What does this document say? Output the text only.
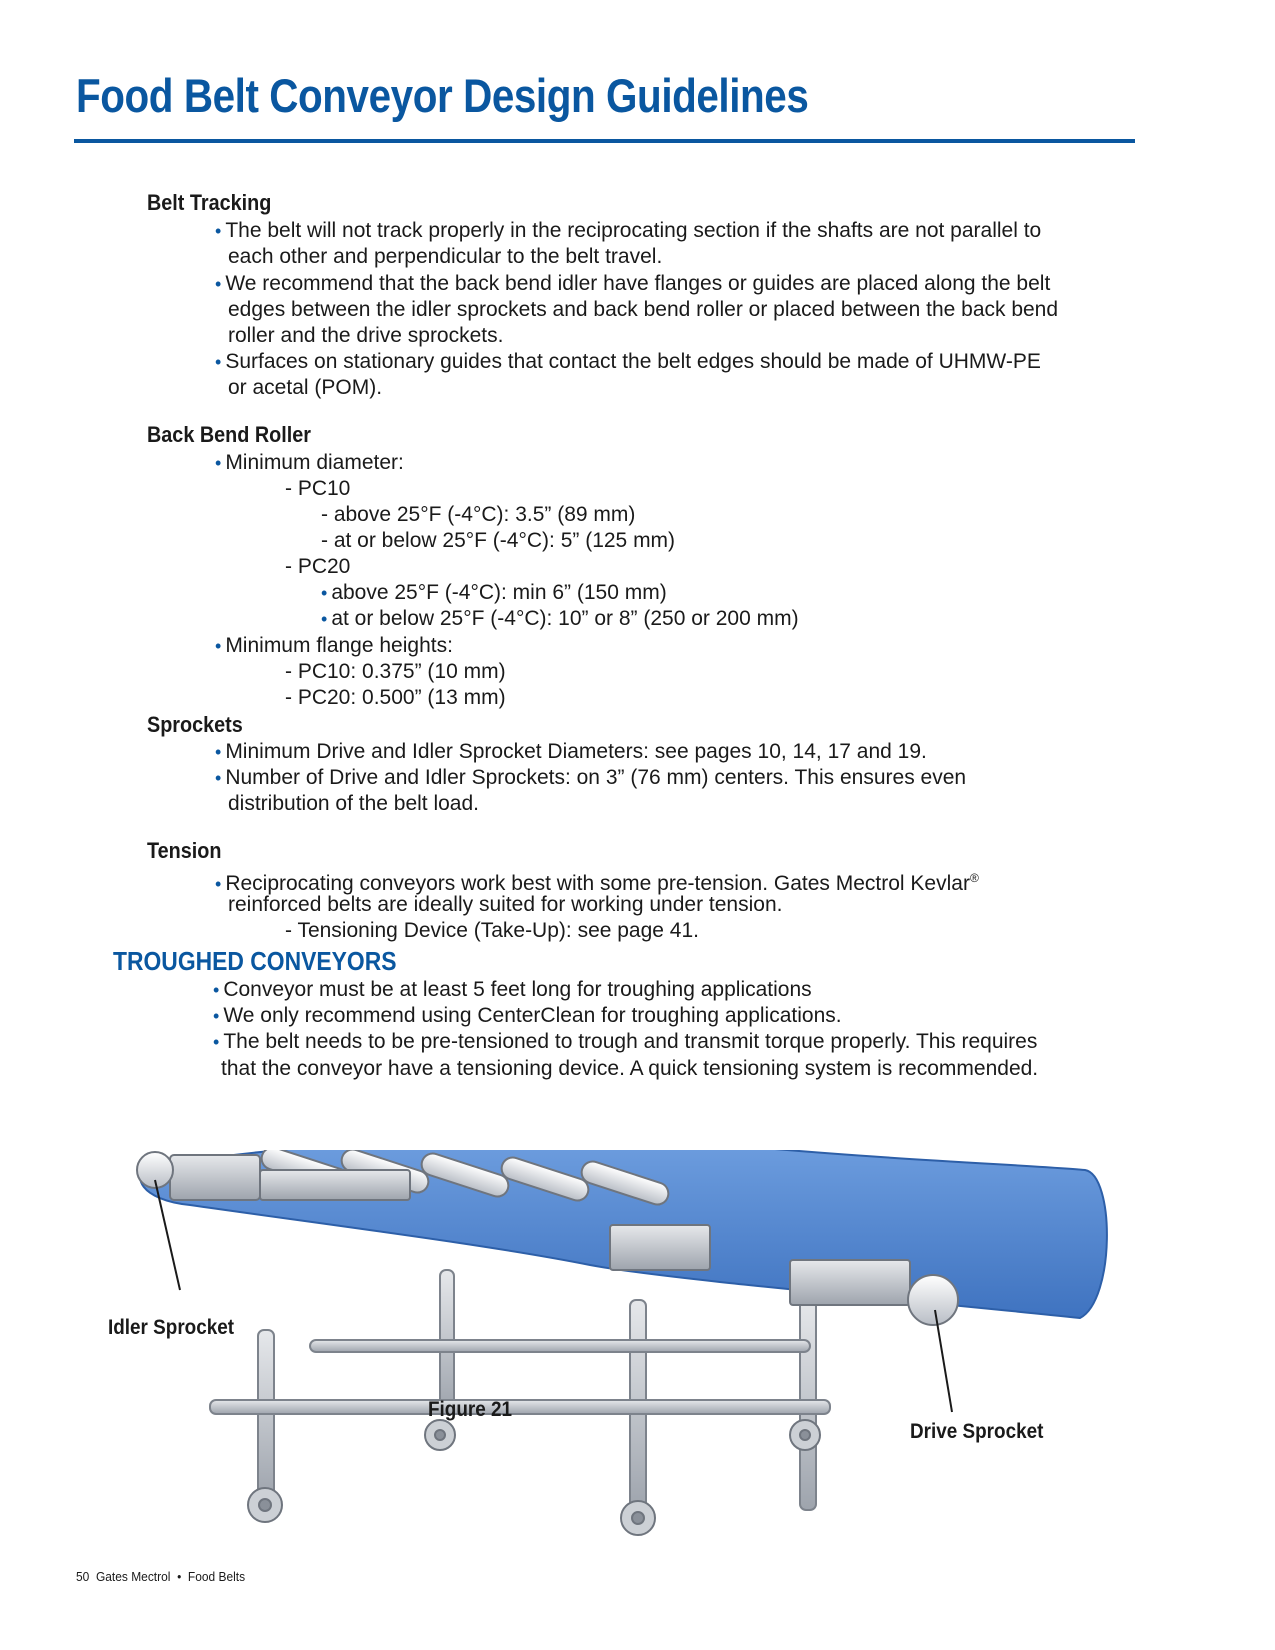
Food Belt Conveyor Design Guidelines
Belt Tracking
• The belt will not track properly in the reciprocating section if the shafts are not parallel to
each other and perpendicular to the belt travel.
• We recommend that the back bend idler have flanges or guides are placed along the belt
edges between the idler sprockets and back bend roller or placed between the back bend
roller and the drive sprockets.
• Surfaces on stationary guides that contact the belt edges should be made of UHMW-PE
or acetal (POM).
Back Bend Roller
• Minimum diameter:
- PC10
- above 25°F (-4°C): 3.5” (89 mm)
- at or below 25°F (-4°C): 5” (125 mm)
- PC20
• above 25°F (-4°C): min 6” (150 mm)
• at or below 25°F (-4°C): 10” or 8” (250 or 200 mm)
• Minimum flange heights:
- PC10: 0.375” (10 mm)
- PC20: 0.500” (13 mm)
Sprockets
• Minimum Drive and Idler Sprocket Diameters: see pages 10, 14, 17 and 19.
• Number of Drive and Idler Sprockets: on 3” (76 mm) centers. This ensures even
distribution of the belt load.
Tension
• Reciprocating conveyors work best with some pre-tension. Gates Mectrol Kevlar®
reinforced belts are ideally suited for working under tension.
- Tensioning Device (Take-Up): see page 41.
TROUGHED CONVEYORS
• Conveyor must be at least 5 feet long for troughing applications
• We only recommend using CenterClean for troughing applications.
• The belt needs to be pre-tensioned to trough and transmit torque properly. This requires
that the conveyor have a tensioning device. A quick tensioning system is recommended.
Idler Sprocket
Figure 21
Drive Sprocket
50 Gates Mectrol • Food Belts
